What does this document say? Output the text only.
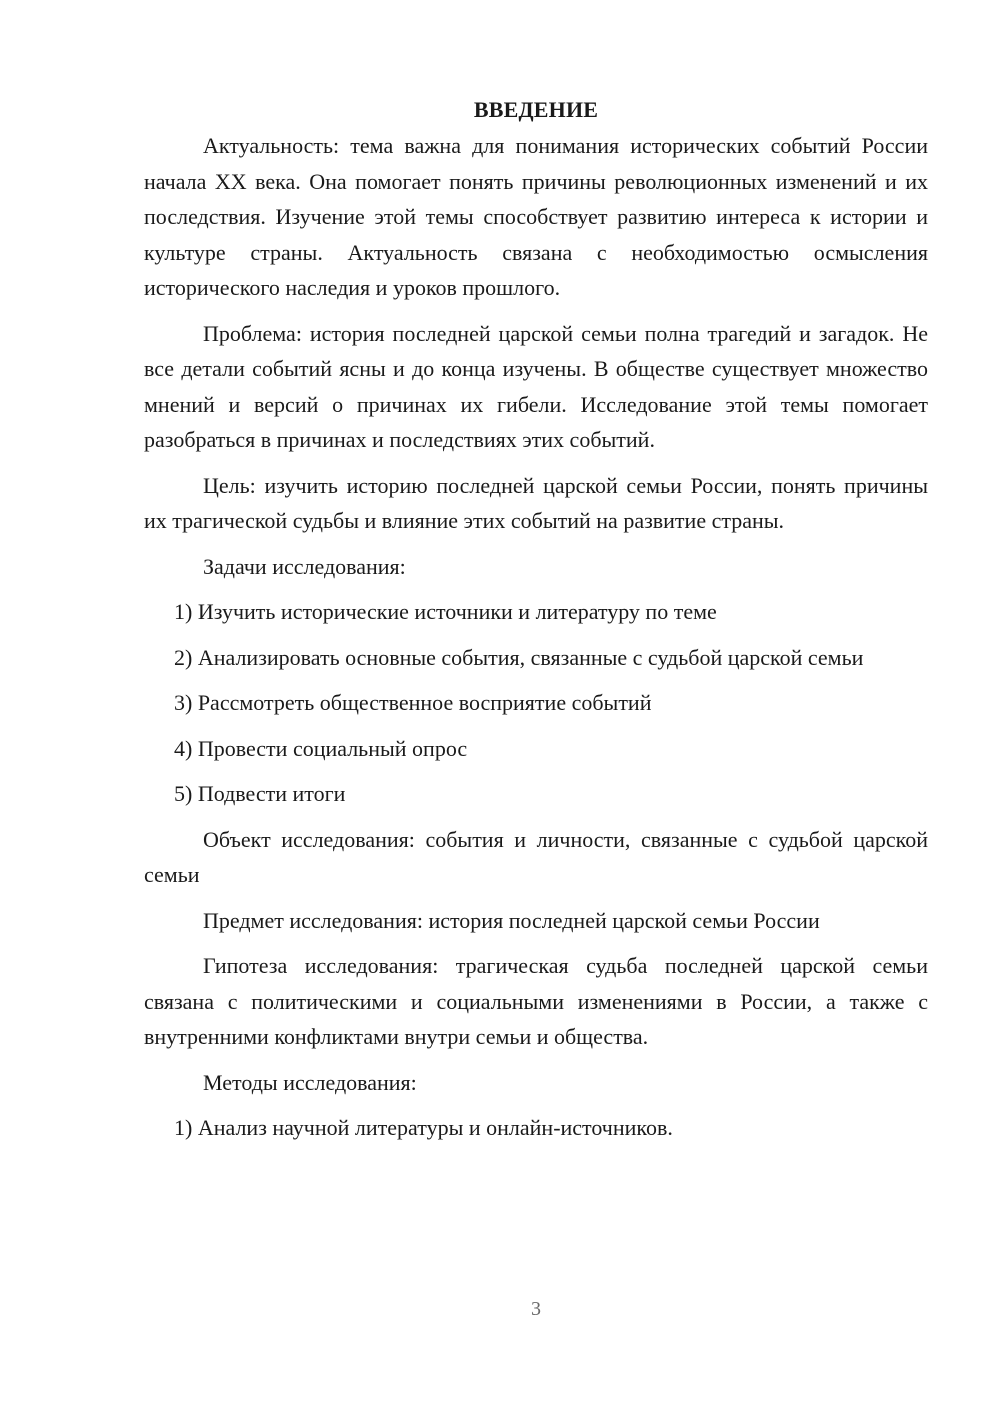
ВВЕДЕНИЕ

Актуальность: тема важна для понимания исторических событий России начала XX века. Она помогает понять причины революционных изменений и их последствия. Изучение этой темы способствует развитию интереса к истории и культуре страны. Актуальность связана с необходимостью осмысления исторического наследия и уроков прошлого.

Проблема: история последней царской семьи полна трагедий и загадок. Не все детали событий ясны и до конца изучены. В обществе существует множество мнений и версий о причинах их гибели. Исследование этой темы помогает разобраться в причинах и последствиях этих событий.

Цель: изучить историю последней царской семьи России, понять причины их трагической судьбы и влияние этих событий на развитие страны.

Задачи исследования:

1) Изучить исторические источники и литературу по теме

2) Анализировать основные события, связанные с судьбой царской семьи

3) Рассмотреть общественное восприятие событий

4) Провести социальный опрос

5) Подвести итоги

Объект исследования: события и личности, связанные с судьбой царской семьи

Предмет исследования: история последней царской семьи России

Гипотеза исследования: трагическая судьба последней царской семьи связана с политическими и социальными изменениями в России, а также с внутренними конфликтами внутри семьи и общества.

Методы исследования:

1) Анализ научной литературы и онлайн-источников.

3
